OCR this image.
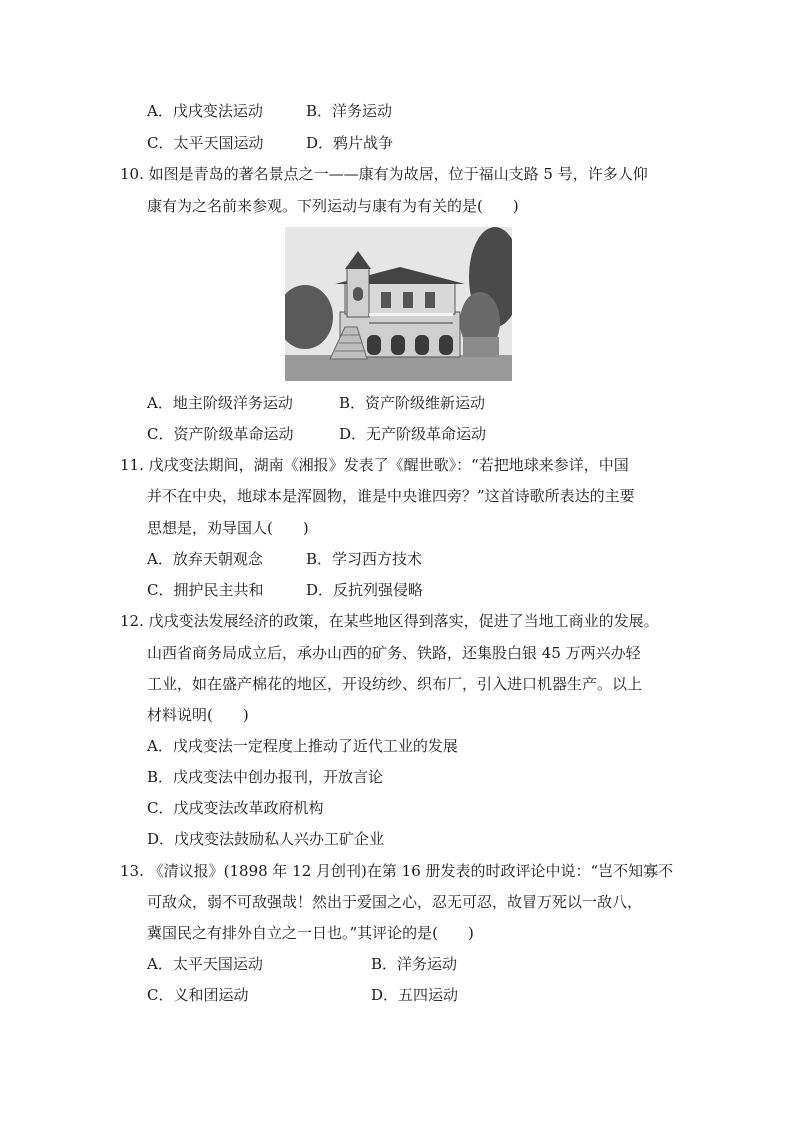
A．戊戌变法运动	B．洋务运动
C．太平天国运动	D．鸦片战争
10. 如图是青岛的著名景点之一——康有为故居，位于福山支路 5 号，许多人仰
康有为之名前来参观。下列运动与康有为有关的是(　　)
A．地主阶级洋务运动	B．资产阶级维新运动
C．资产阶级革命运动	D．无产阶级革命运动
11. 戊戌变法期间，湖南《湘报》发表了《醒世歌》：“若把地球来参详，中国
并不在中央，地球本是浑圆物，谁是中央谁四旁？”这首诗歌所表达的主要
思想是，劝导国人(　　)
A．放弃天朝观念	B．学习西方技术
C．拥护民主共和	D．反抗列强侵略
12. 戊戌变法发展经济的政策，在某些地区得到落实，促进了当地工商业的发展。
山西省商务局成立后，承办山西的矿务、铁路，还集股白银 45 万两兴办轻
工业，如在盛产棉花的地区，开设纺纱、织布厂，引入进口机器生产。以上
材料说明(　　)
A．戊戌变法一定程度上推动了近代工业的发展
B．戊戌变法中创办报刊，开放言论
C．戊戌变法改革政府机构
D．戊戌变法鼓励私人兴办工矿企业
13. 《清议报》(1898 年 12 月创刊)在第 16 册发表的时政评论中说：“岂不知寡不
可敌众，弱不可敌强哉！然出于爱国之心，忍无可忍，故冒万死以一敌八，
冀国民之有排外自立之一日也。”其评论的是(　　)
A．太平天国运动	B．洋务运动
C．义和团运动	D．五四运动
